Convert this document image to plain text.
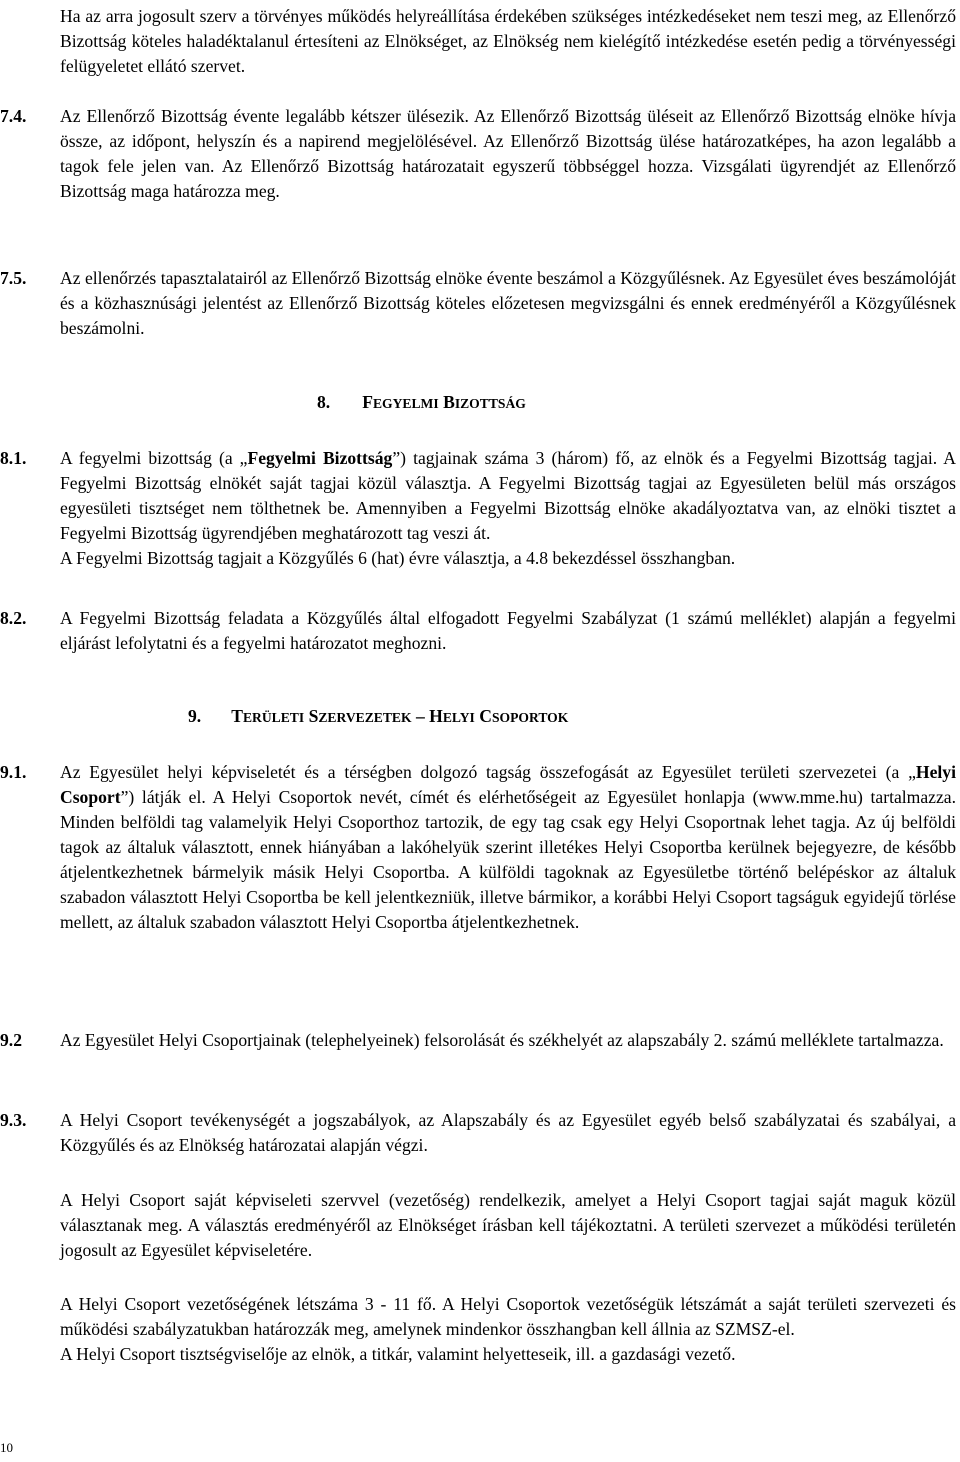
Ha az arra jogosult szerv a törvényes működés helyreállítása érdekében szükséges intézkedéseket nem teszi meg, az Ellenőrző Bizottság köteles haladéktalanul értesíteni az Elnökséget, az Elnökség nem kielégítő intézkedése esetén pedig a törvényességi felügyeletet ellátó szervet.
7.4.	Az Ellenőrző Bizottság évente legalább kétszer ülésezik. Az Ellenőrző Bizottság üléseit az Ellenőrző Bizottság elnöke hívja össze, az időpont, helyszín és a napirend megjelölésével. Az Ellenőrző Bizottság ülése határozatképes, ha azon legalább a tagok fele jelen van. Az Ellenőrző Bizottság határozatait egyszerű többséggel hozza. Vizsgálati ügyrendjét az Ellenőrző Bizottság maga határozza meg.
7.5.	Az ellenőrzés tapasztalatairól az Ellenőrző Bizottság elnöke évente beszámol a Közgyűlésnek. Az Egyesület éves beszámolóját és a közhasznúsági jelentést az Ellenőrző Bizottság köteles előzetesen megvizsgálni és ennek eredményéről a Közgyűlésnek beszámolni.
8. FEGYELMI BIZOTTSÁG
8.1.	A fegyelmi bizottság (a „Fegyelmi Bizottság”) tagjainak száma 3 (három) fő, az elnök és a Fegyelmi Bizottság tagjai. A Fegyelmi Bizottság elnökét saját tagjai közül választja. A Fegyelmi Bizottság tagjai az Egyesületen belül más országos egyesületi tisztséget nem tölthetnek be. Amennyiben a Fegyelmi Bizottság elnöke akadályoztatva van, az elnöki tisztet a Fegyelmi Bizottság ügyrendjében meghatározott tag veszi át.
A Fegyelmi Bizottság tagjait a Közgyűlés 6 (hat) évre választja, a 4.8 bekezdéssel összhangban.
8.2.	A Fegyelmi Bizottság feladata a Közgyűlés által elfogadott Fegyelmi Szabályzat (1 számú melléklet) alapján a fegyelmi eljárást lefolytatni és a fegyelmi határozatot meghozni.
9. TERÜLETI SZERVEZETEK – HELYI CSOPORTOK
9.1.	Az Egyesület helyi képviseletét és a térségben dolgozó tagság összefogását az Egyesület területi szervezetei (a „Helyi Csoport”) látják el. A Helyi Csoportok nevét, címét és elérhetőségeit az Egyesület honlapja (www.mme.hu) tartalmazza. Minden belföldi tag valamelyik Helyi Csoporthoz tartozik, de egy tag csak egy Helyi Csoportnak lehet tagja. Az új belföldi tagok az általuk választott, ennek hiányában a lakóhelyük szerint illetékes Helyi Csoportba kerülnek bejegyezre, de később átjelentkezhetnek bármelyik másik Helyi Csoportba. A külföldi tagoknak az Egyesületbe történő belépéskor az általuk szabadon választott Helyi Csoportba be kell jelentkezniük, illetve bármikor, a korábbi Helyi Csoport tagságuk egyidejű törlése mellett, az általuk szabadon választott Helyi Csoportba átjelentkezhetnek.
9.2	Az Egyesület Helyi Csoportjainak (telephelyeinek) felsorolását és székhelyét az alapszabály 2. számú melléklete tartalmazza.
9.3.	A Helyi Csoport tevékenységét a jogszabályok, az Alapszabály és az Egyesület egyéb belső szabályzatai és szabályai, a Közgyűlés és az Elnökség határozatai alapján végzi.
A Helyi Csoport saját képviseleti szervvel (vezetőség) rendelkezik, amelyet a Helyi Csoport tagjai saját maguk közül választanak meg. A választás eredményéről az Elnökséget írásban kell tájékoztatni. A területi szervezet a működési területén jogosult az Egyesület képviseletére.
A Helyi Csoport vezetőségének létszáma 3 - 11 fő. A Helyi Csoportok vezetőségük létszámát a saját területi szervezeti és működési szabályzatukban határozzák meg, amelynek mindenkor összhangban kell állnia az SZMSZ-el.
A Helyi Csoport tisztségviselője az elnök, a titkár, valamint helyetteseik, ill. a gazdasági vezető.
10
